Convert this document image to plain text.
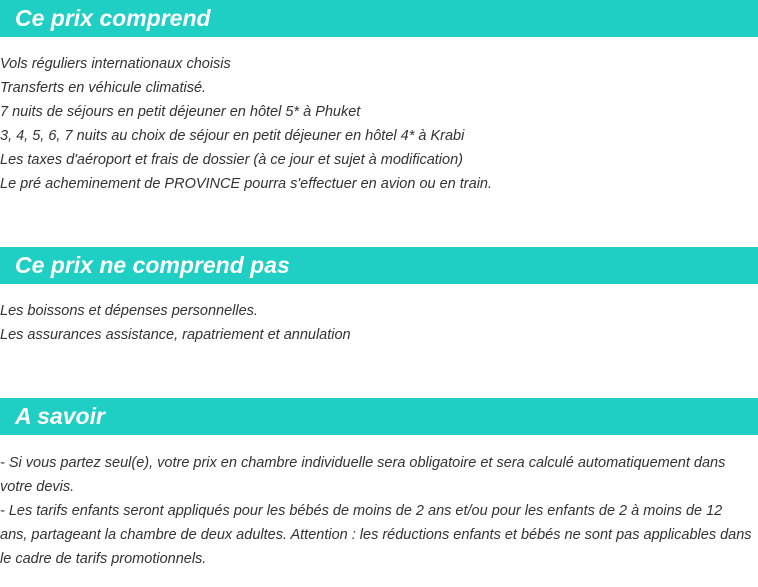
Ce prix comprend
Vols réguliers internationaux choisis
Transferts en véhicule climatisé.
7 nuits de séjours en petit déjeuner en hôtel 5* à Phuket
3, 4, 5, 6, 7 nuits au choix de séjour en petit déjeuner en hôtel 4* à Krabi
Les taxes d'aéroport et frais de dossier (à ce jour et sujet à modification)
Le pré acheminement de PROVINCE pourra s'effectuer en avion ou en train.
Ce prix ne comprend pas
Les boissons et dépenses personnelles.
Les assurances assistance, rapatriement et annulation
A savoir
- Si vous partez seul(e), votre prix en chambre individuelle sera obligatoire et sera calculé automatiquement dans votre devis.
- Les tarifs enfants seront appliqués pour les bébés de moins de 2 ans et/ou pour les enfants de 2 à moins de 12 ans, partageant la chambre de deux adultes. Attention : les réductions enfants et bébés ne sont pas applicables dans le cadre de tarifs promotionnels.
